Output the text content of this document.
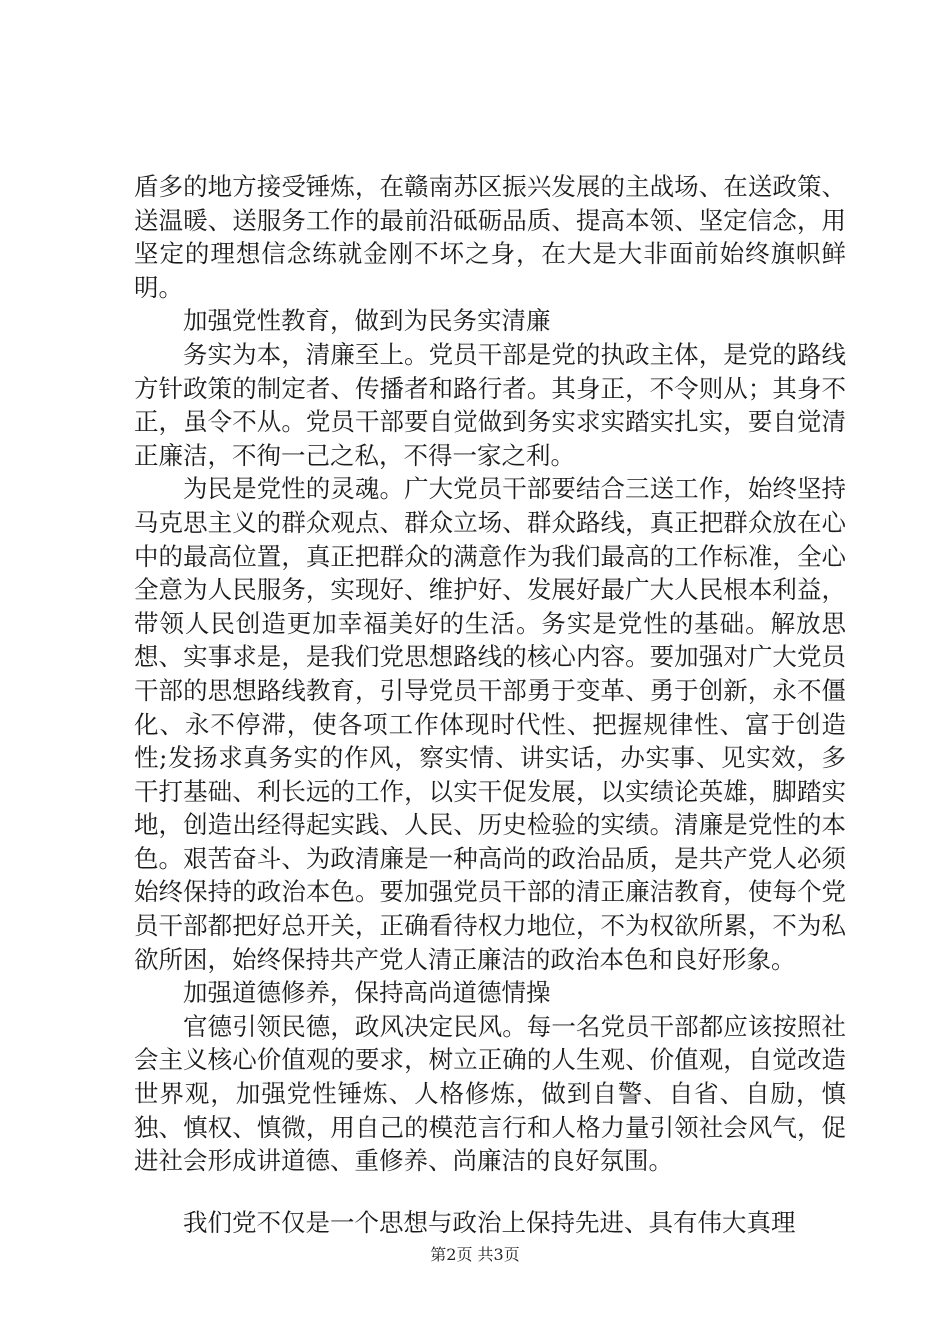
盾多的地方接受锤炼，在赣南苏区振兴发展的主战场、在送政策、送温暖、送服务工作的最前沿砥砺品质、提高本领、坚定信念，用坚定的理想信念练就金刚不坏之身，在大是大非面前始终旗帜鲜明。

加强党性教育，做到为民务实清廉

务实为本，清廉至上。党员干部是党的执政主体，是党的路线方针政策的制定者、传播者和路行者。其身正，不令则从；其身不正，虽令不从。党员干部要自觉做到务实求实踏实扎实，要自觉清正廉洁，不徇一己之私，不得一家之利。

为民是党性的灵魂。广大党员干部要结合三送工作，始终坚持马克思主义的群众观点、群众立场、群众路线，真正把群众放在心中的最高位置，真正把群众的满意作为我们最高的工作标准，全心全意为人民服务，实现好、维护好、发展好最广大人民根本利益，带领人民创造更加幸福美好的生活。务实是党性的基础。解放思想、实事求是，是我们党思想路线的核心内容。要加强对广大党员干部的思想路线教育，引导党员干部勇于变革、勇于创新，永不僵化、永不停滞，使各项工作体现时代性、把握规律性、富于创造性;发扬求真务实的作风，察实情、讲实话，办实事、见实效，多干打基础、利长远的工作，以实干促发展，以实绩论英雄，脚踏实地，创造出经得起实践、人民、历史检验的实绩。清廉是党性的本色。艰苦奋斗、为政清廉是一种高尚的政治品质，是共产党人必须始终保持的政治本色。要加强党员干部的清正廉洁教育，使每个党员干部都把好总开关，正确看待权力地位，不为权欲所累，不为私欲所困，始终保持共产党人清正廉洁的政治本色和良好形象。

加强道德修养，保持高尚道德情操

官德引领民德，政风决定民风。每一名党员干部都应该按照社会主义核心价值观的要求，树立正确的人生观、价值观，自觉改造世界观，加强党性锤炼、人格修炼，做到自警、自省、自励，慎独、慎权、慎微，用自己的模范言行和人格力量引领社会风气，促进社会形成讲道德、重修养、尚廉洁的良好氛围。

我们党不仅是一个思想与政治上保持先进、具有伟大真理

第2页 共3页
